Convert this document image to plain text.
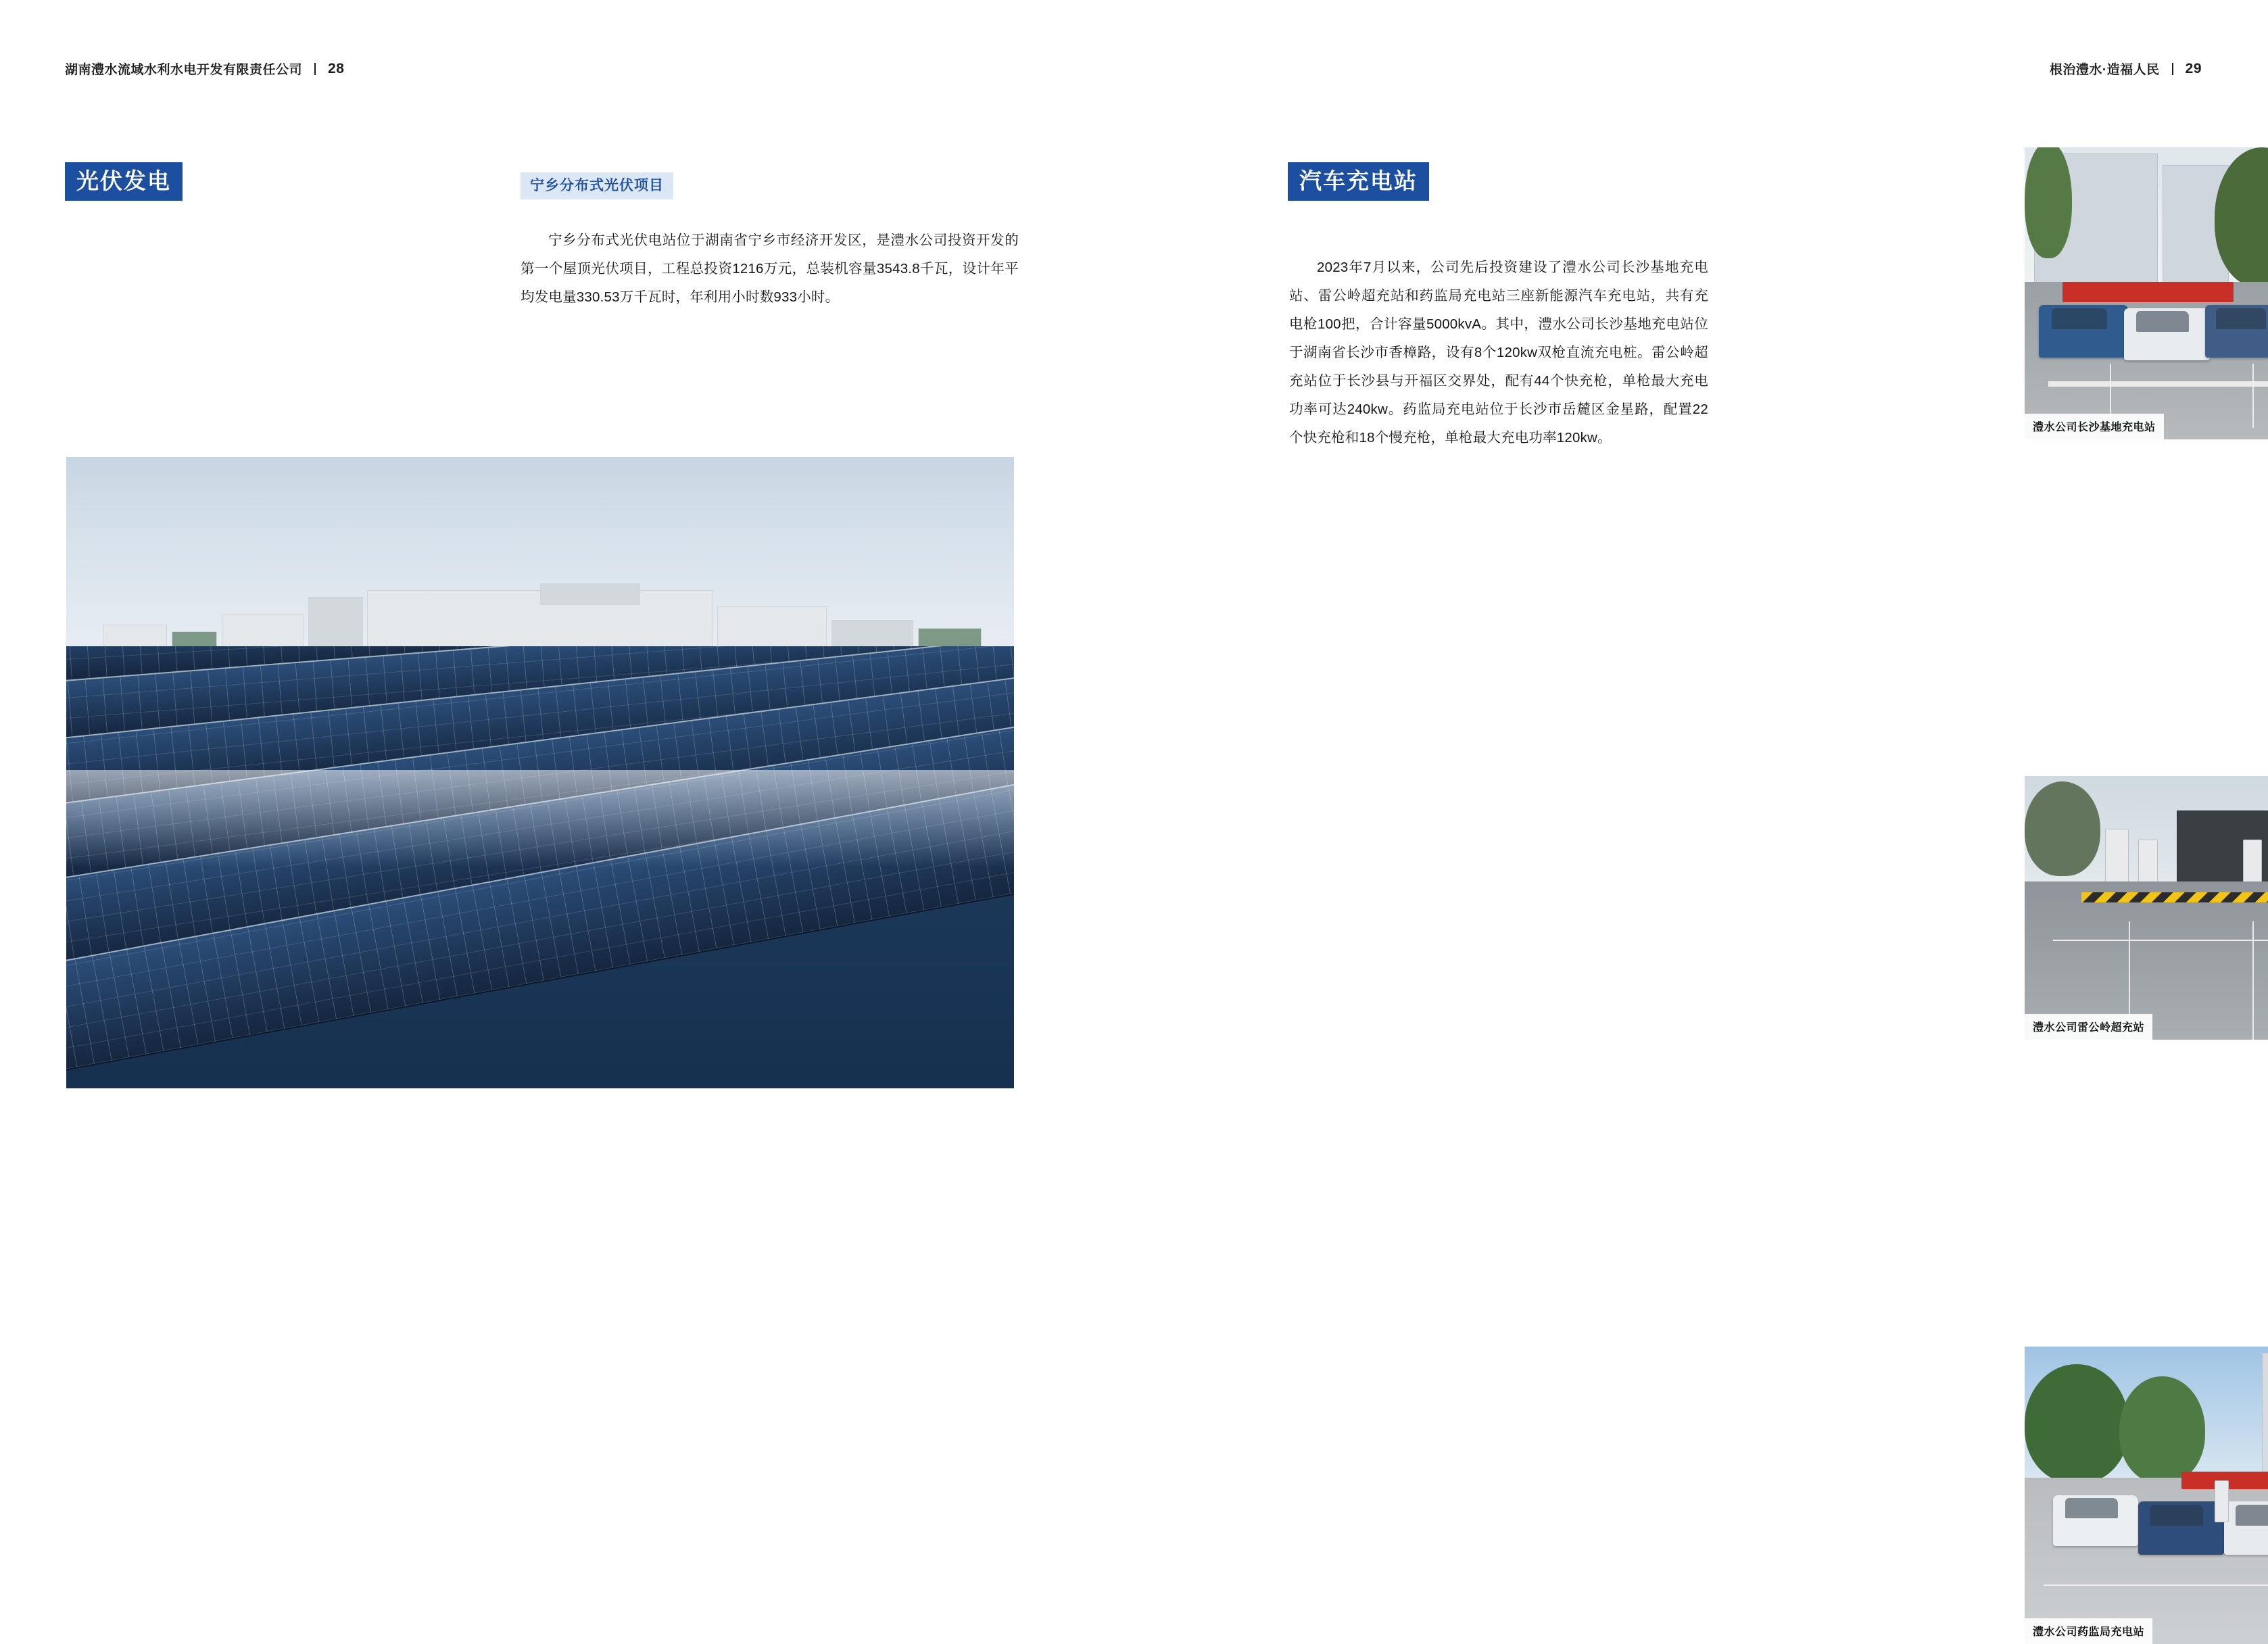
湖南澧水流域水利水电开发有限责任公司 28
光伏发电	宁乡分布式光伏项目
宁乡分布式光伏电站位于湖南省宁乡市经济开发区，是澧水公司投资开发的第一个屋顶光伏项目，工程总投资1216万元，总装机容量3543.8千瓦，设计年平均发电量330.53万千瓦时，年利用小时数933小时。
根治澧水·造福人民 29
汽车充电站
2023年7月以来，公司先后投资建设了澧水公司长沙基地充电站、雷公岭超充站和药监局充电站三座新能源汽车充电站，共有充电枪100把，合计容量5000kvA。其中，澧水公司长沙基地充电站位于湖南省长沙市香樟路，设有8个120kw双枪直流充电桩。雷公岭超充站位于长沙县与开福区交界处，配有44个快充枪，单枪最大充电功率可达240kw。药监局充电站位于长沙市岳麓区金星路，配置22个快充枪和18个慢充枪，单枪最大充电功率120kw。
澧水公司长沙基地充电站
澧水公司雷公岭超充站
澧水公司药监局充电站
